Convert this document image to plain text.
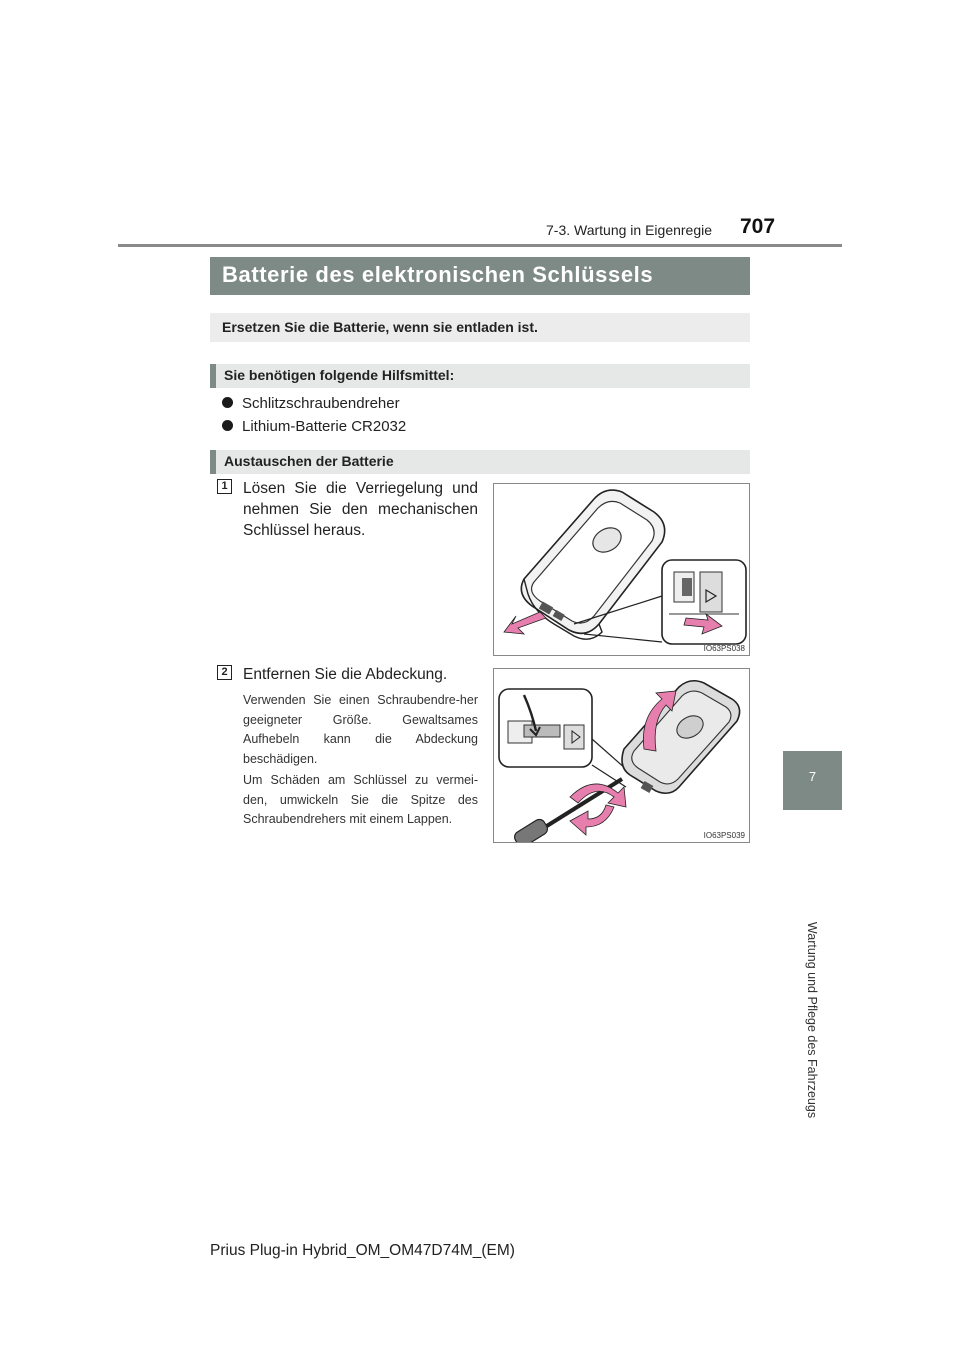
7-3. Wartung in Eigenregie 707
7
Wartung und Pflege des Fahrzeugs
Batterie des elektronischen Schlüssels
Ersetzen Sie die Batterie, wenn sie entladen ist.
Sie benötigen folgende Hilfsmittel:
Schlitzschraubendreher
Lithium-Batterie CR2032
Austauschen der Batterie
1 Lösen Sie die Verriegelung und nehmen Sie den mechanischen Schlüssel heraus.
IO63PS038
2 Entfernen Sie die Abdeckung.
Verwenden Sie einen Schraubendre-her geeigneter Größe. Gewaltsames Aufhebeln kann die Abdeckung beschädigen.
Um Schäden am Schlüssel zu vermei-den, umwickeln Sie die Spitze des Schraubendrehers mit einem Lappen.
IO63PS039
Prius Plug-in Hybrid_OM_OM47D74M_(EM)
